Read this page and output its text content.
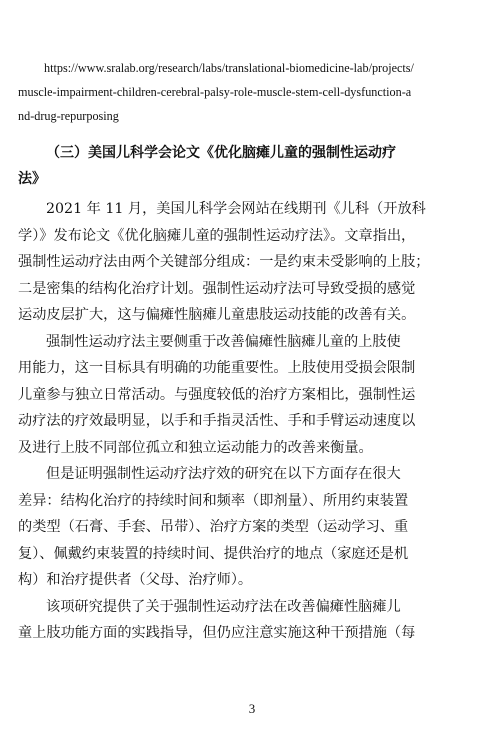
https://www.sralab.org/research/labs/translational-biomedicine-lab/projects/
muscle-impairment-children-cerebral-palsy-role-muscle-stem-cell-dysfunction-a
nd-drug-repurposing
（三）美国儿科学会论文《优化脑瘫儿童的强制性运动疗
法》
2021 年 11 月，美国儿科学会网站在线期刊《儿科（开放科
学）》发布论文《优化脑瘫儿童的强制性运动疗法》。文章指出，
强制性运动疗法由两个关键部分组成：一是约束未受影响的上肢；
二是密集的结构化治疗计划。强制性运动疗法可导致受损的感觉
运动皮层扩大，这与偏瘫性脑瘫儿童患肢运动技能的改善有关。
强制性运动疗法主要侧重于改善偏瘫性脑瘫儿童的上肢使
用能力，这一目标具有明确的功能重要性。上肢使用受损会限制
儿童参与独立日常活动。与强度较低的治疗方案相比，强制性运
动疗法的疗效最明显，以手和手指灵活性、手和手臂运动速度以
及进行上肢不同部位孤立和独立运动能力的改善来衡量。
但是证明强制性运动疗法疗效的研究在以下方面存在很大
差异：结构化治疗的持续时间和频率（即剂量）、所用约束装置
的类型（石膏、手套、吊带）、治疗方案的类型（运动学习、重
复）、佩戴约束装置的持续时间、提供治疗的地点（家庭还是机
构）和治疗提供者（父母、治疗师）。
该项研究提供了关于强制性运动疗法在改善偏瘫性脑瘫儿
童上肢功能方面的实践指导，但仍应注意实施这种干预措施（每
3
